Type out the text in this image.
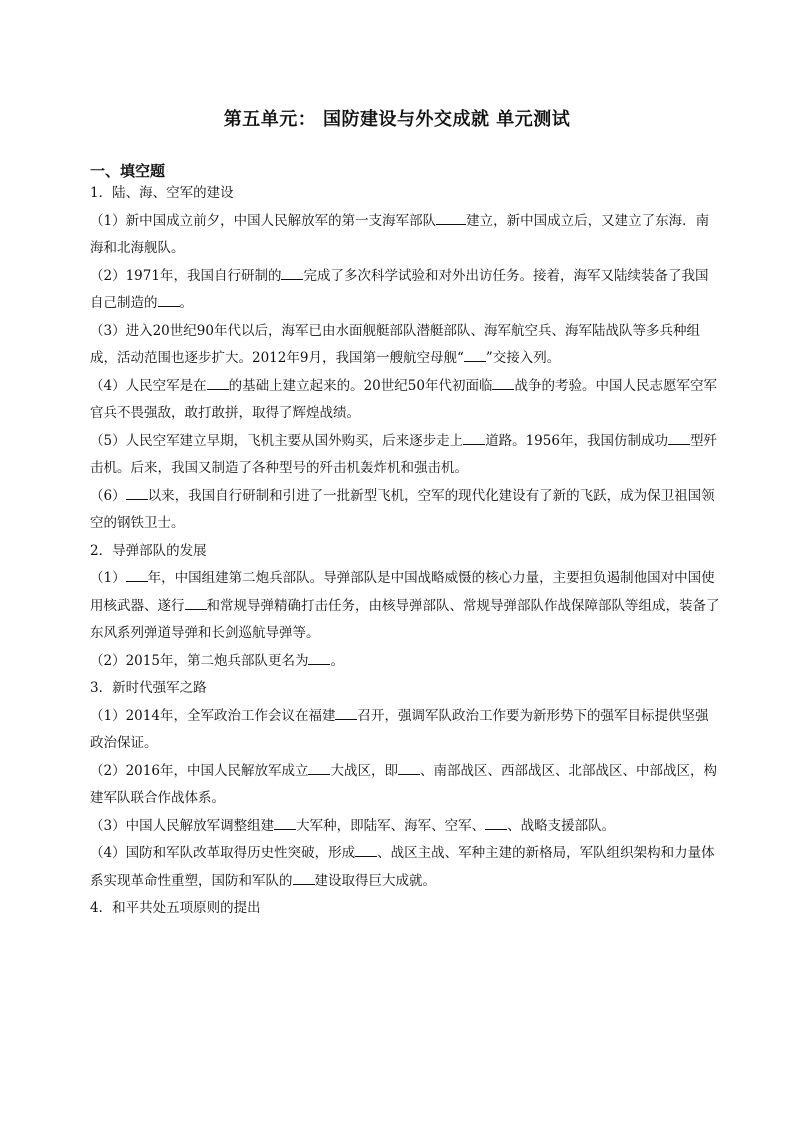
第五单元： 国防建设与外交成就 单元测试
一、填空题

1．陆、海、空军的建设

（1）新中国成立前夕，中国人民解放军的第一支海军部队 建立，新中国成立后，又建立了东海．南海和北海舰队。

（2）1971年，我国自行研制的 完成了多次科学试验和对外出访任务。接着，海军又陆续装备了我国自己制造的 。

（3）进入20世纪90年代以后，海军已由水面舰艇部队潜艇部队、海军航空兵、海军陆战队等多兵种组成，活动范围也逐步扩大。2012年9月，我国第一艘航空母舰“ ”交接入列。

（4）人民空军是在 的基础上建立起来的。20世纪50年代初面临 战争的考验。中国人民志愿军空军官兵不畏强敌，敢打敢拼，取得了辉煌战绩。

（5）人民空军建立早期，飞机主要从国外购买，后来逐步走上 道路。1956年，我国仿制成功 型歼击机。后来，我国又制造了各种型号的歼击机轰炸机和强击机。

（6） 以来，我国自行研制和引进了一批新型飞机，空军的现代化建设有了新的飞跃，成为保卫祖国领空的钢铁卫士。

2．导弹部队的发展

（1） 年，中国组建第二炮兵部队。导弹部队是中国战略威慑的核心力量，主要担负遏制他国对中国使用核武器、遂行 和常规导弹精确打击任务，由核导弹部队、常规导弹部队作战保障部队等组成，装备了东风系列弹道导弹和长剑巡航导弹等。

（2）2015年，第二炮兵部队更名为 。

3．新时代强军之路

（1）2014年，全军政治工作会议在福建 召开，强调军队政治工作要为新形势下的强军目标提供坚强政治保证。

（2）2016年，中国人民解放军成立 大战区，即 、南部战区、西部战区、北部战区、中部战区，构建军队联合作战体系。

（3）中国人民解放军调整组建 大军种，即陆军、海军、空军、 、战略支援部队。

（4）国防和军队改革取得历史性突破，形成 、战区主战、军种主建的新格局，军队组织架构和力量体系实现革命性重塑，国防和军队的 建设取得巨大成就。

4．和平共处五项原则的提出
